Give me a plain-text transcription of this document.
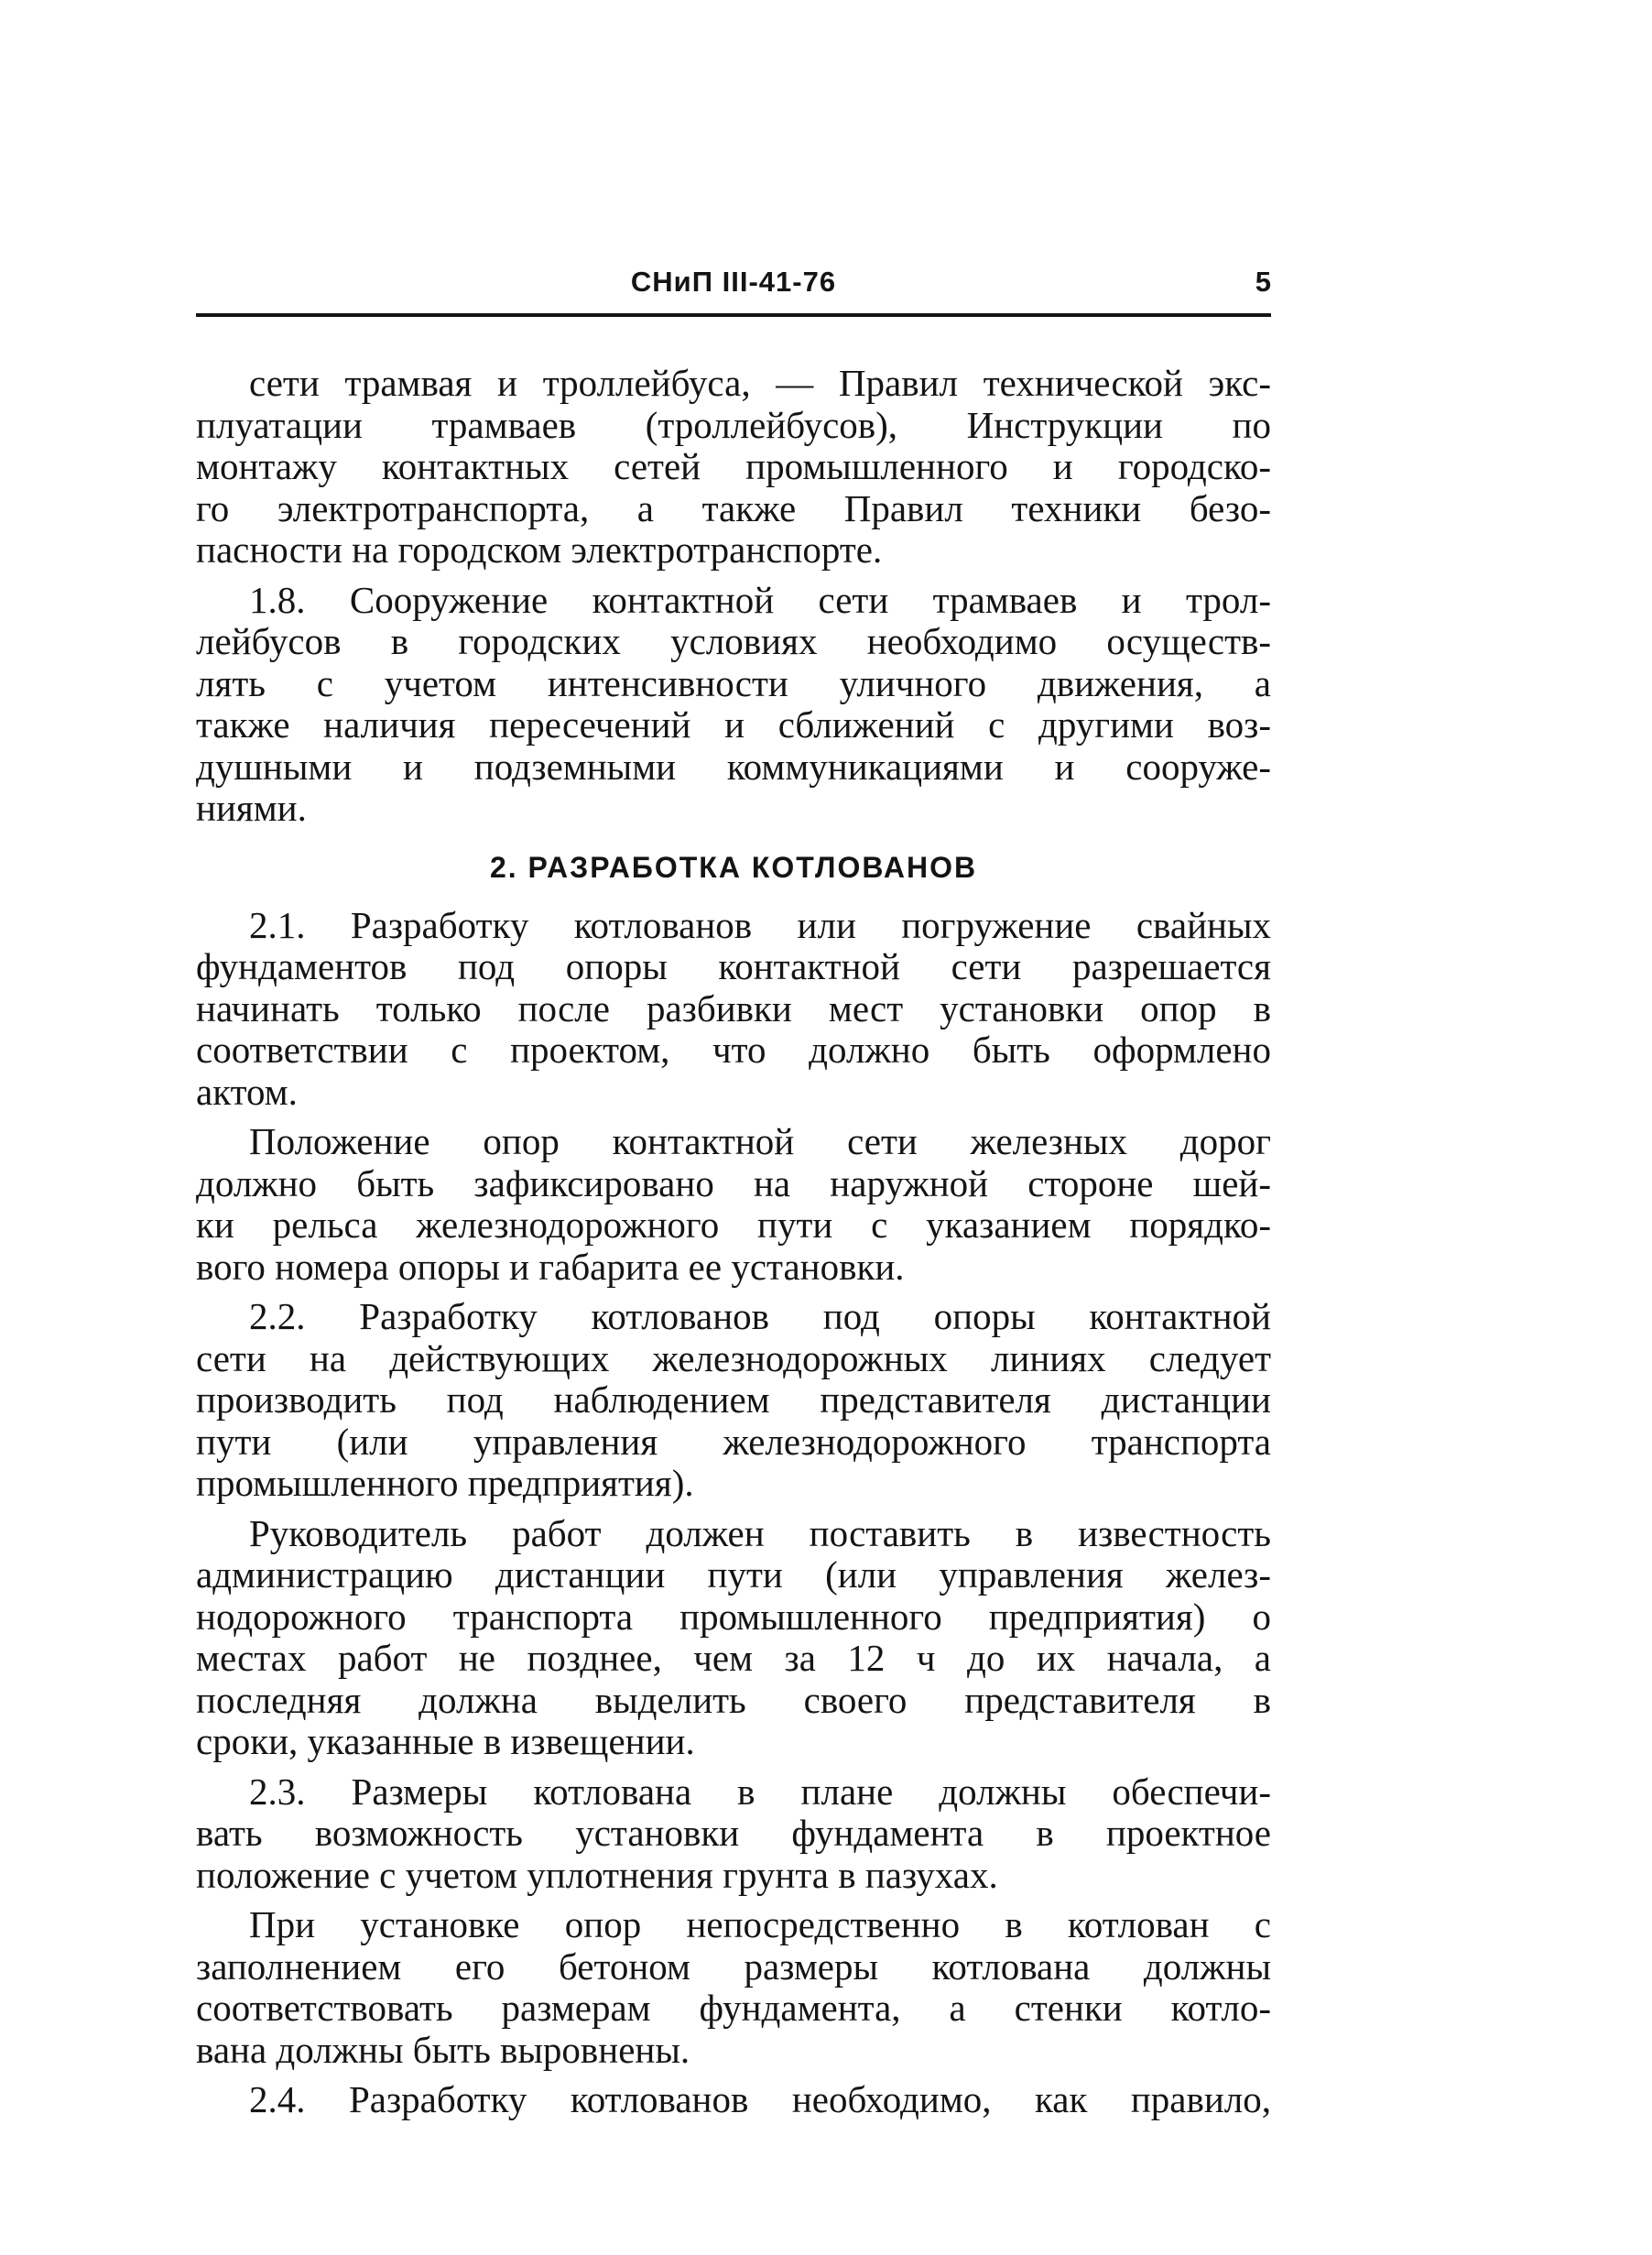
СНиП III-41-76	5
сети трамвая и троллейбуса, — Правил технической экс-
плуатации трамваев (троллейбусов), Инструкции по
монтажу контактных сетей промышленного и городско-
го электротранспорта, а также Правил техники безо-
пасности на городском электротранспорте.
1.8. Сооружение контактной сети трамваев и трол-
лейбусов в городских условиях необходимо осуществ-
лять с учетом интенсивности уличного движения, а
также наличия пересечений и сближений с другими воз-
душными и подземными коммуникациями и сооруже-
ниями.
2. РАЗРАБОТКА КОТЛОВАНОВ
2.1. Разработку котлованов или погружение свайных
фундаментов под опоры контактной сети разрешается
начинать только после разбивки мест установки опор в
соответствии с проектом, что должно быть оформлено
актом.
Положение опор контактной сети железных дорог
должно быть зафиксировано на наружной стороне шей-
ки рельса железнодорожного пути с указанием порядко-
вого номера опоры и габарита ее установки.
2.2. Разработку котлованов под опоры контактной
сети на действующих железнодорожных линиях следует
производить под наблюдением представителя дистанции
пути (или управления железнодорожного транспорта
промышленного предприятия).
Руководитель работ должен поставить в известность
администрацию дистанции пути (или управления желез-
нодорожного транспорта промышленного предприятия) о
местах работ не позднее, чем за 12 ч до их начала, а
последняя должна выделить своего представителя в
сроки, указанные в извещении.
2.3. Размеры котлована в плане должны обеспечи-
вать возможность установки фундамента в проектное
положение с учетом уплотнения грунта в пазухах.
При установке опор непосредственно в котлован с
заполнением его бетоном размеры котлована должны
соответствовать размерам фундамента, а стенки котло-
вана должны быть выровнены.
2.4. Разработку котлованов необходимо, как правило,
